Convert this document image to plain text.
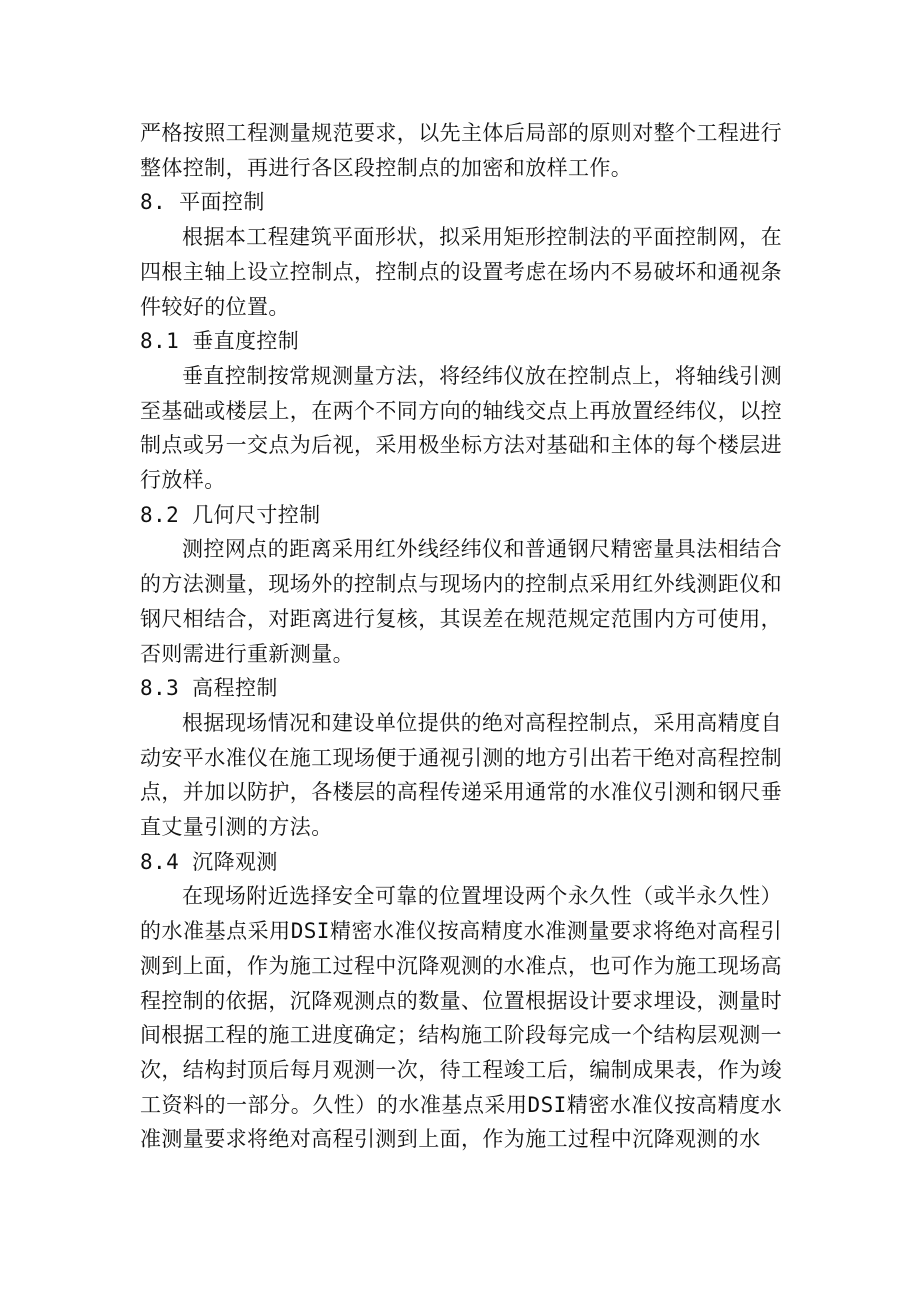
严格按照工程测量规范要求，以先主体后局部的原则对整个工程进行整体控制，再进行各区段控制点的加密和放样工作。

8. 平面控制

根据本工程建筑平面形状，拟采用矩形控制法的平面控制网，在四根主轴上设立控制点，控制点的设置考虑在场内不易破坏和通视条件较好的位置。

8.1 垂直度控制

垂直控制按常规测量方法，将经纬仪放在控制点上，将轴线引测至基础或楼层上，在两个不同方向的轴线交点上再放置经纬仪，以控制点或另一交点为后视，采用极坐标方法对基础和主体的每个楼层进行放样。

8.2 几何尺寸控制

测控网点的距离采用红外线经纬仪和普通钢尺精密量具法相结合的方法测量，现场外的控制点与现场内的控制点采用红外线测距仪和钢尺相结合，对距离进行复核，其误差在规范规定范围内方可使用，否则需进行重新测量。

8.3 高程控制

根据现场情况和建设单位提供的绝对高程控制点，采用高精度自动安平水准仪在施工现场便于通视引测的地方引出若干绝对高程控制点，并加以防护，各楼层的高程传递采用通常的水准仪引测和钢尺垂直丈量引测的方法。

8.4 沉降观测

在现场附近选择安全可靠的位置埋设两个永久性（或半永久性）的水准基点采用DSI精密水准仪按高精度水准测量要求将绝对高程引测到上面，作为施工过程中沉降观测的水准点，也可作为施工现场高程控制的依据，沉降观测点的数量、位置根据设计要求埋设，测量时间根据工程的施工进度确定；结构施工阶段每完成一个结构层观测一次，结构封顶后每月观测一次，待工程竣工后，编制成果表，作为竣工资料的一部分。久性）的水准基点采用DSI精密水准仪按高精度水准测量要求将绝对高程引测到上面，作为施工过程中沉降观测的水
